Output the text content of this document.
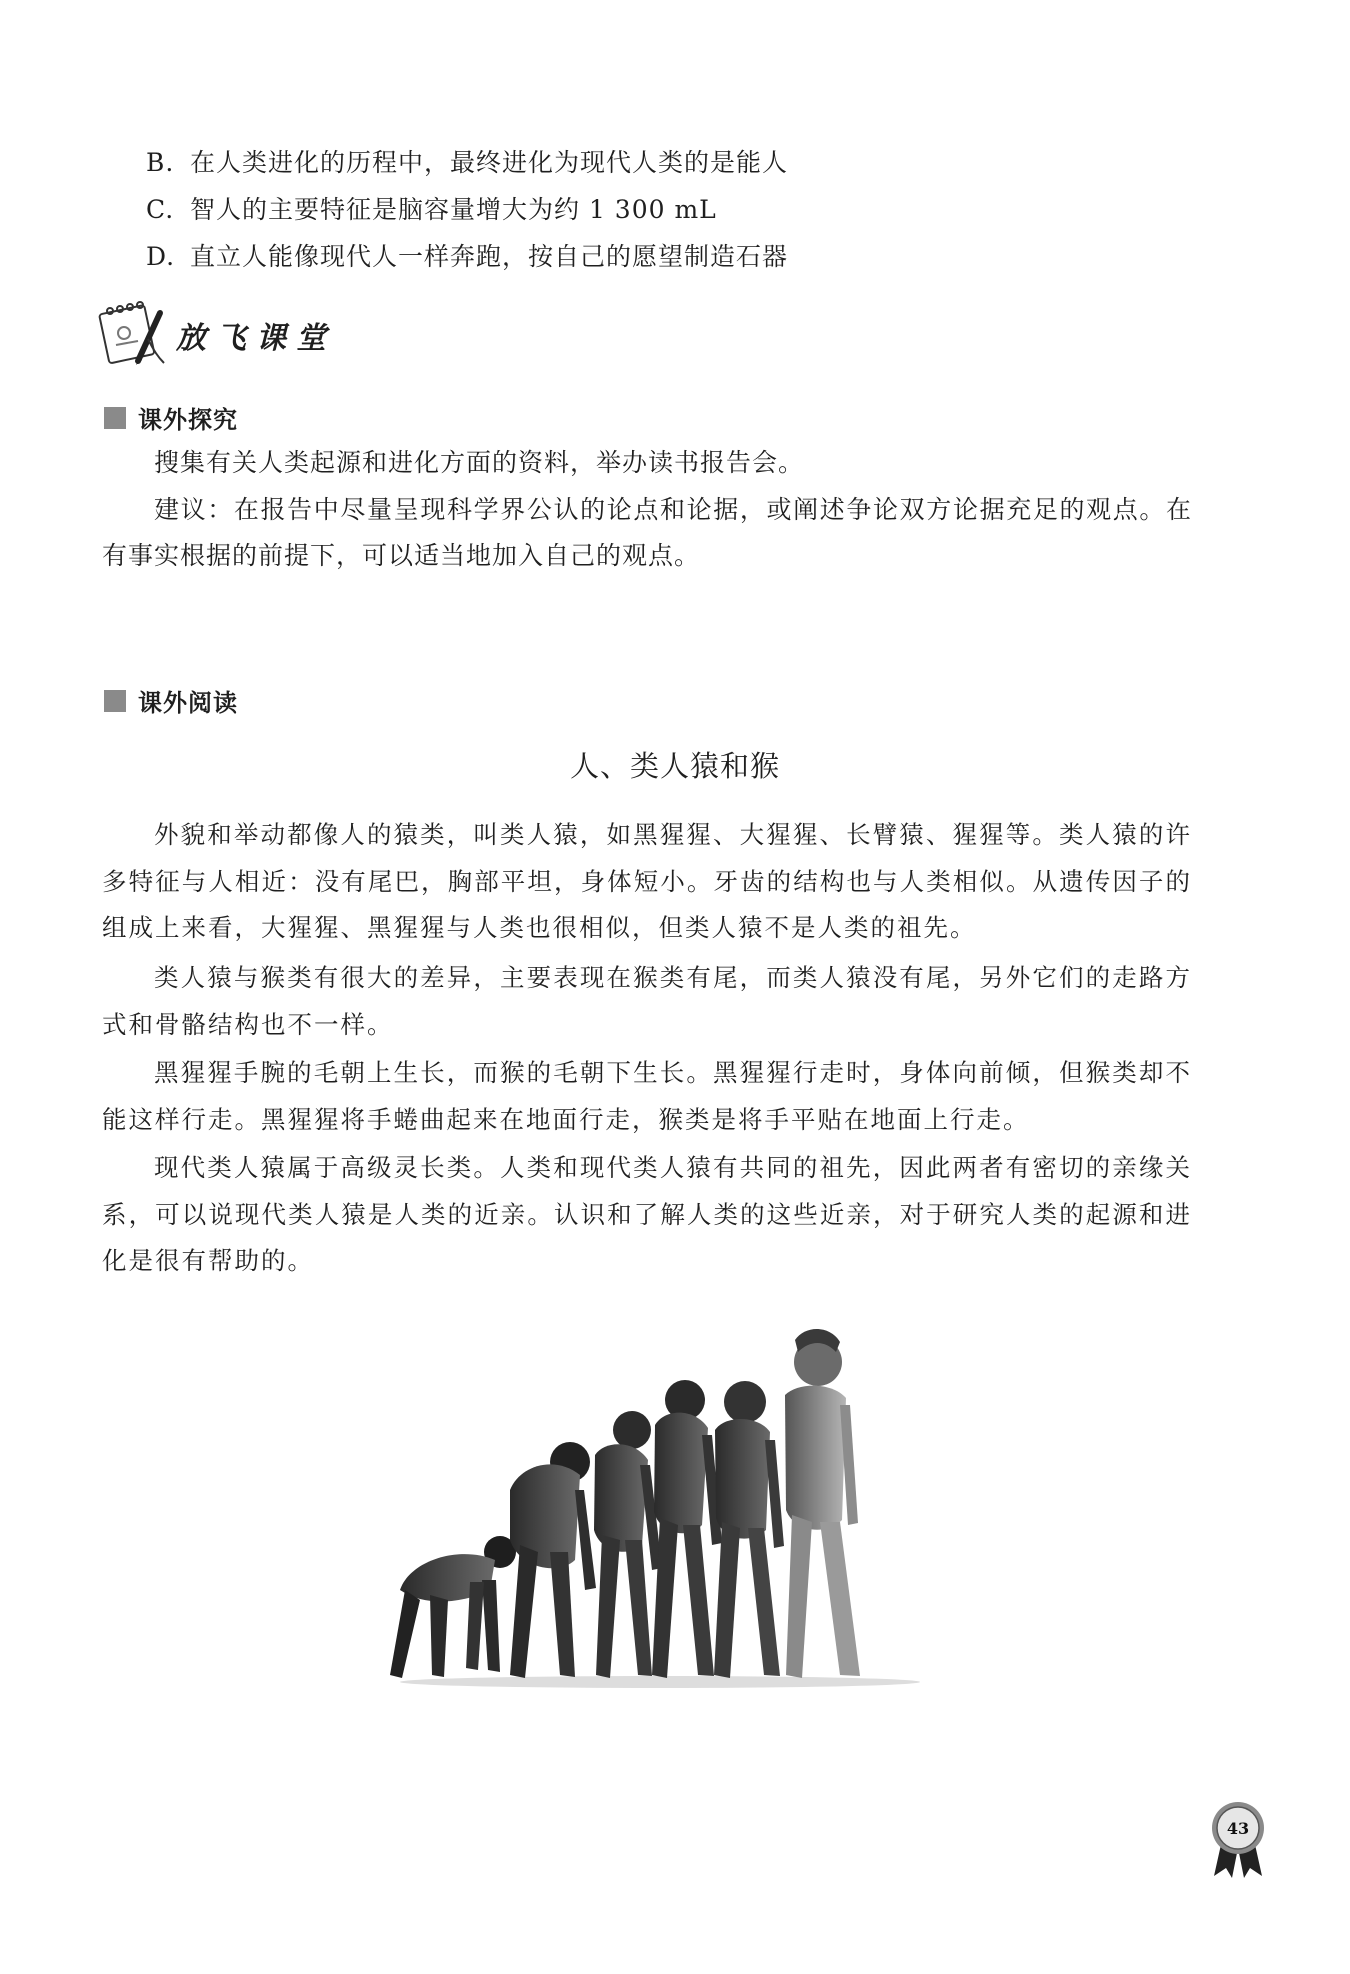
B. 在人类进化的历程中，最终进化为现代人类的是能人
C. 智人的主要特征是脑容量增大为约 1 300 mL
D. 直立人能像现代人一样奔跑，按自己的愿望制造石器
放飞课堂
课外探究
搜集有关人类起源和进化方面的资料，举办读书报告会。
建议：在报告中尽量呈现科学界公认的论点和论据，或阐述争论双方论据充足的观点。在有事实根据的前提下，可以适当地加入自己的观点。
课外阅读
人、类人猿和猴
外貌和举动都像人的猿类，叫类人猿，如黑猩猩、大猩猩、长臂猿、猩猩等。类人猿的许多特征与人相近：没有尾巴，胸部平坦，身体短小。牙齿的结构也与人类相似。从遗传因子的组成上来看，大猩猩、黑猩猩与人类也很相似，但类人猿不是人类的祖先。
类人猿与猴类有很大的差异，主要表现在猴类有尾，而类人猿没有尾，另外它们的走路方式和骨骼结构也不一样。
黑猩猩手腕的毛朝上生长，而猴的毛朝下生长。黑猩猩行走时，身体向前倾，但猴类却不能这样行走。黑猩猩将手蜷曲起来在地面行走，猴类是将手平贴在地面上行走。
现代类人猿属于高级灵长类。人类和现代类人猿有共同的祖先，因此两者有密切的亲缘关系，可以说现代类人猿是人类的近亲。认识和了解人类的这些近亲，对于研究人类的起源和进化是很有帮助的。
43
